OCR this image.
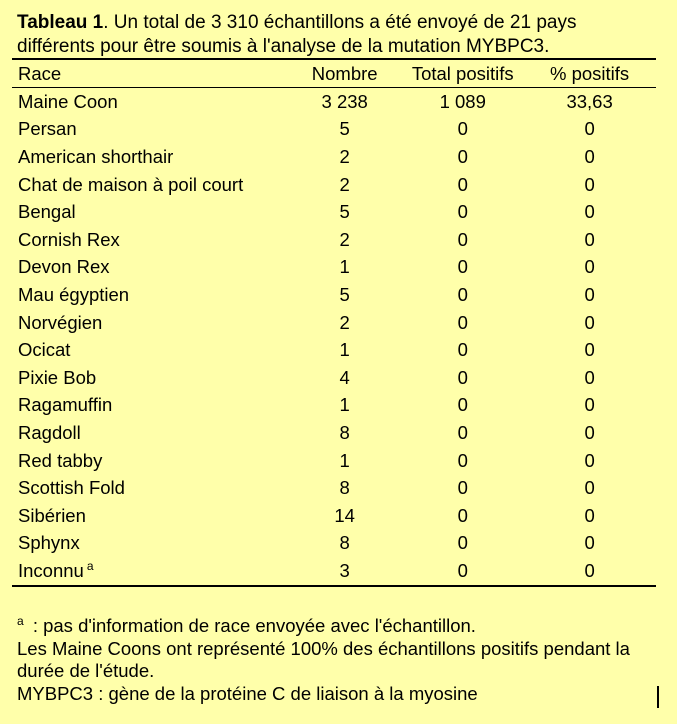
Tableau 1. Un total de 3 310 échantillons a été envoyé de 21 pays différents pour être soumis à l'analyse de la mutation MYBPC3.
Race	Nombre	Total positifs	% positifs
Maine Coon	3 238	1 089	33,63
Persan	5	0	0
American shorthair	2	0	0
Chat de maison à poil court	2	0	0
Bengal	5	0	0
Cornish Rex	2	0	0
Devon Rex	1	0	0
Mau égyptien	5	0	0
Norvégien	2	0	0
Ocicat	1	0	0
Pixie Bob	4	0	0
Ragamuffin	1	0	0
Ragdoll	8	0	0
Red tabby	1	0	0
Scottish Fold	8	0	0
Sibérien	14	0	0
Sphynx	8	0	0
Inconnu $^a$	3	0	0
$^a$ : pas d'information de race envoyée avec l'échantillon.
Les Maine Coons ont représenté 100% des échantillons positifs pendant la durée de l'étude.
MYBPC3 : gène de la protéine C de liaison à la myosine
